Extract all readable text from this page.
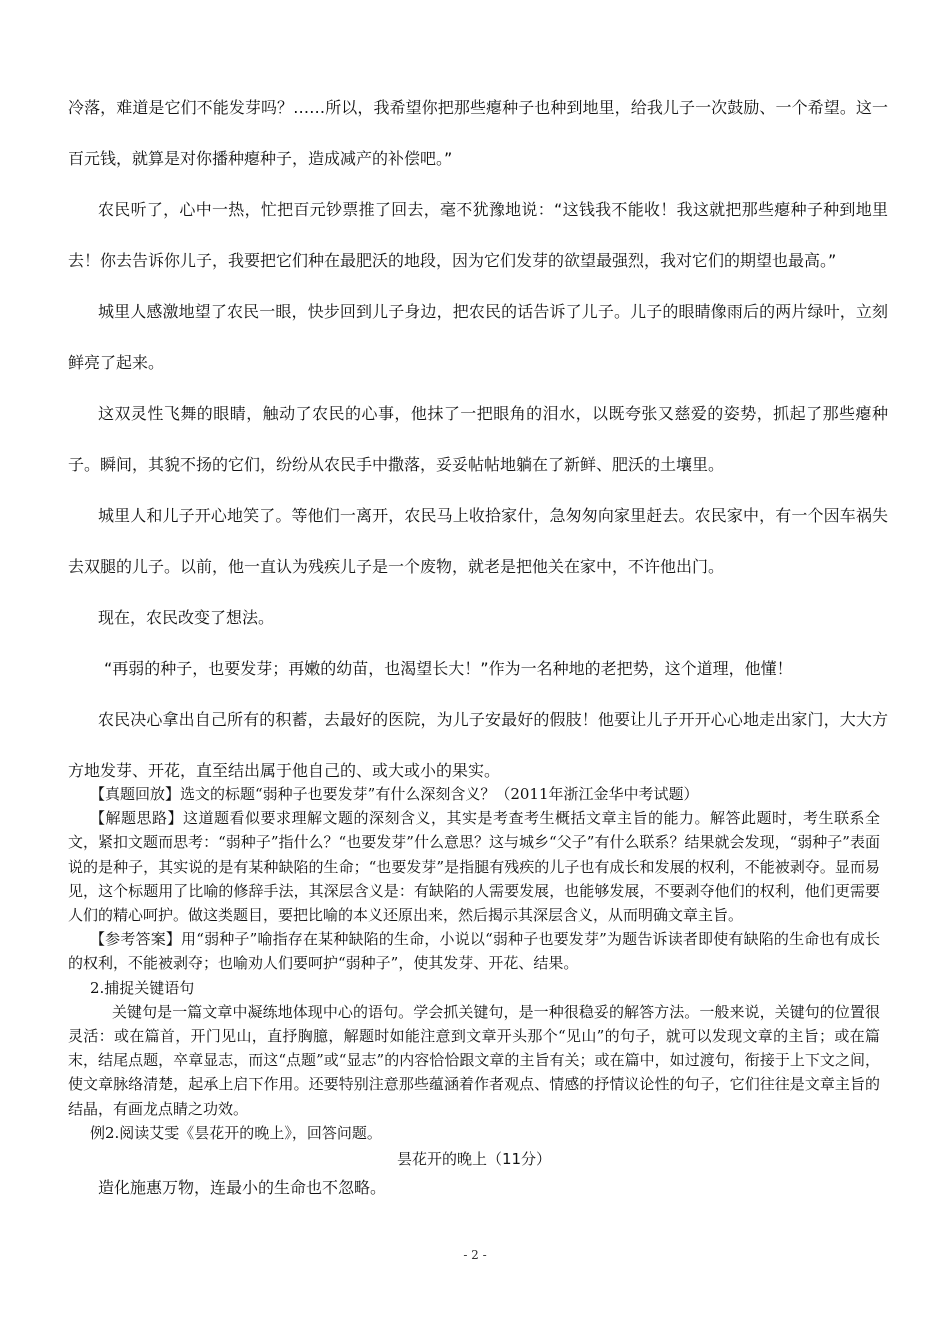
冷落，难道是它们不能发芽吗？……所以，我希望你把那些瘪种子也种到地里，给我儿子一次鼓励、一个希望。这一百元钱，就算是对你播种瘪种子，造成减产的补偿吧。”

农民听了，心中一热，忙把百元钞票推了回去，毫不犹豫地说：“这钱我不能收！我这就把那些瘪种子种到地里去！你去告诉你儿子，我要把它们种在最肥沃的地段，因为它们发芽的欲望最强烈，我对它们的期望也最高。”

城里人感激地望了农民一眼，快步回到儿子身边，把农民的话告诉了儿子。儿子的眼睛像雨后的两片绿叶，立刻鲜亮了起来。

这双灵性飞舞的眼睛，触动了农民的心事，他抹了一把眼角的泪水，以既夸张又慈爱的姿势，抓起了那些瘪种子。瞬间，其貌不扬的它们，纷纷从农民手中撒落，妥妥帖帖地躺在了新鲜、肥沃的土壤里。

城里人和儿子开心地笑了。等他们一离开，农民马上收拾家什，急匆匆向家里赶去。农民家中，有一个因车祸失去双腿的儿子。以前，他一直认为残疾儿子是一个废物，就老是把他关在家中，不许他出门。

现在，农民改变了想法。

“再弱的种子，也要发芽；再嫩的幼苗，也渴望长大！”作为一名种地的老把势，这个道理，他懂！

农民决心拿出自己所有的积蓄，去最好的医院，为儿子安最好的假肢！他要让儿子开开心心地走出家门，大大方方地发芽、开花，直至结出属于他自己的、或大或小的果实。

【真题回放】选文的标题“弱种子也要发芽”有什么深刻含义？（2011年浙江金华中考试题）

【解题思路】这道题看似要求理解文题的深刻含义，其实是考查考生概括文章主旨的能力。解答此题时，考生联系全文，紧扣文题而思考：“弱种子”指什么？“也要发芽”什么意思？这与城乡“父子”有什么联系？结果就会发现，“弱种子”表面说的是种子，其实说的是有某种缺陷的生命；“也要发芽”是指腿有残疾的儿子也有成长和发展的权利，不能被剥夺。显而易见，这个标题用了比喻的修辞手法，其深层含义是：有缺陷的人需要发展，也能够发展，不要剥夺他们的权利，他们更需要人们的精心呵护。做这类题目，要把比喻的本义还原出来，然后揭示其深层含义，从而明确文章主旨。

【参考答案】用“弱种子”喻指存在某种缺陷的生命，小说以“弱种子也要发芽”为题告诉读者即使有缺陷的生命也有成长的权利，不能被剥夺；也喻劝人们要呵护“弱种子”，使其发芽、开花、结果。

2.捕捉关键语句

关键句是一篇文章中凝练地体现中心的语句。学会抓关键句，是一种很稳妥的解答方法。一般来说，关键句的位置很灵活：或在篇首，开门见山，直抒胸臆，解题时如能注意到文章开头那个“见山”的句子，就可以发现文章的主旨；或在篇末，结尾点题，卒章显志，而这“点题”或“显志”的内容恰恰跟文章的主旨有关；或在篇中，如过渡句，衔接于上下文之间，使文章脉络清楚，起承上启下作用。还要特别注意那些蕴涵着作者观点、情感的抒情议论性的句子，它们往往是文章主旨的结晶，有画龙点睛之功效。

例2.阅读艾雯《昙花开的晚上》，回答问题。

昙花开的晚上（11分）

造化施惠万物，连最小的生命也不忽略。

- 2 -
